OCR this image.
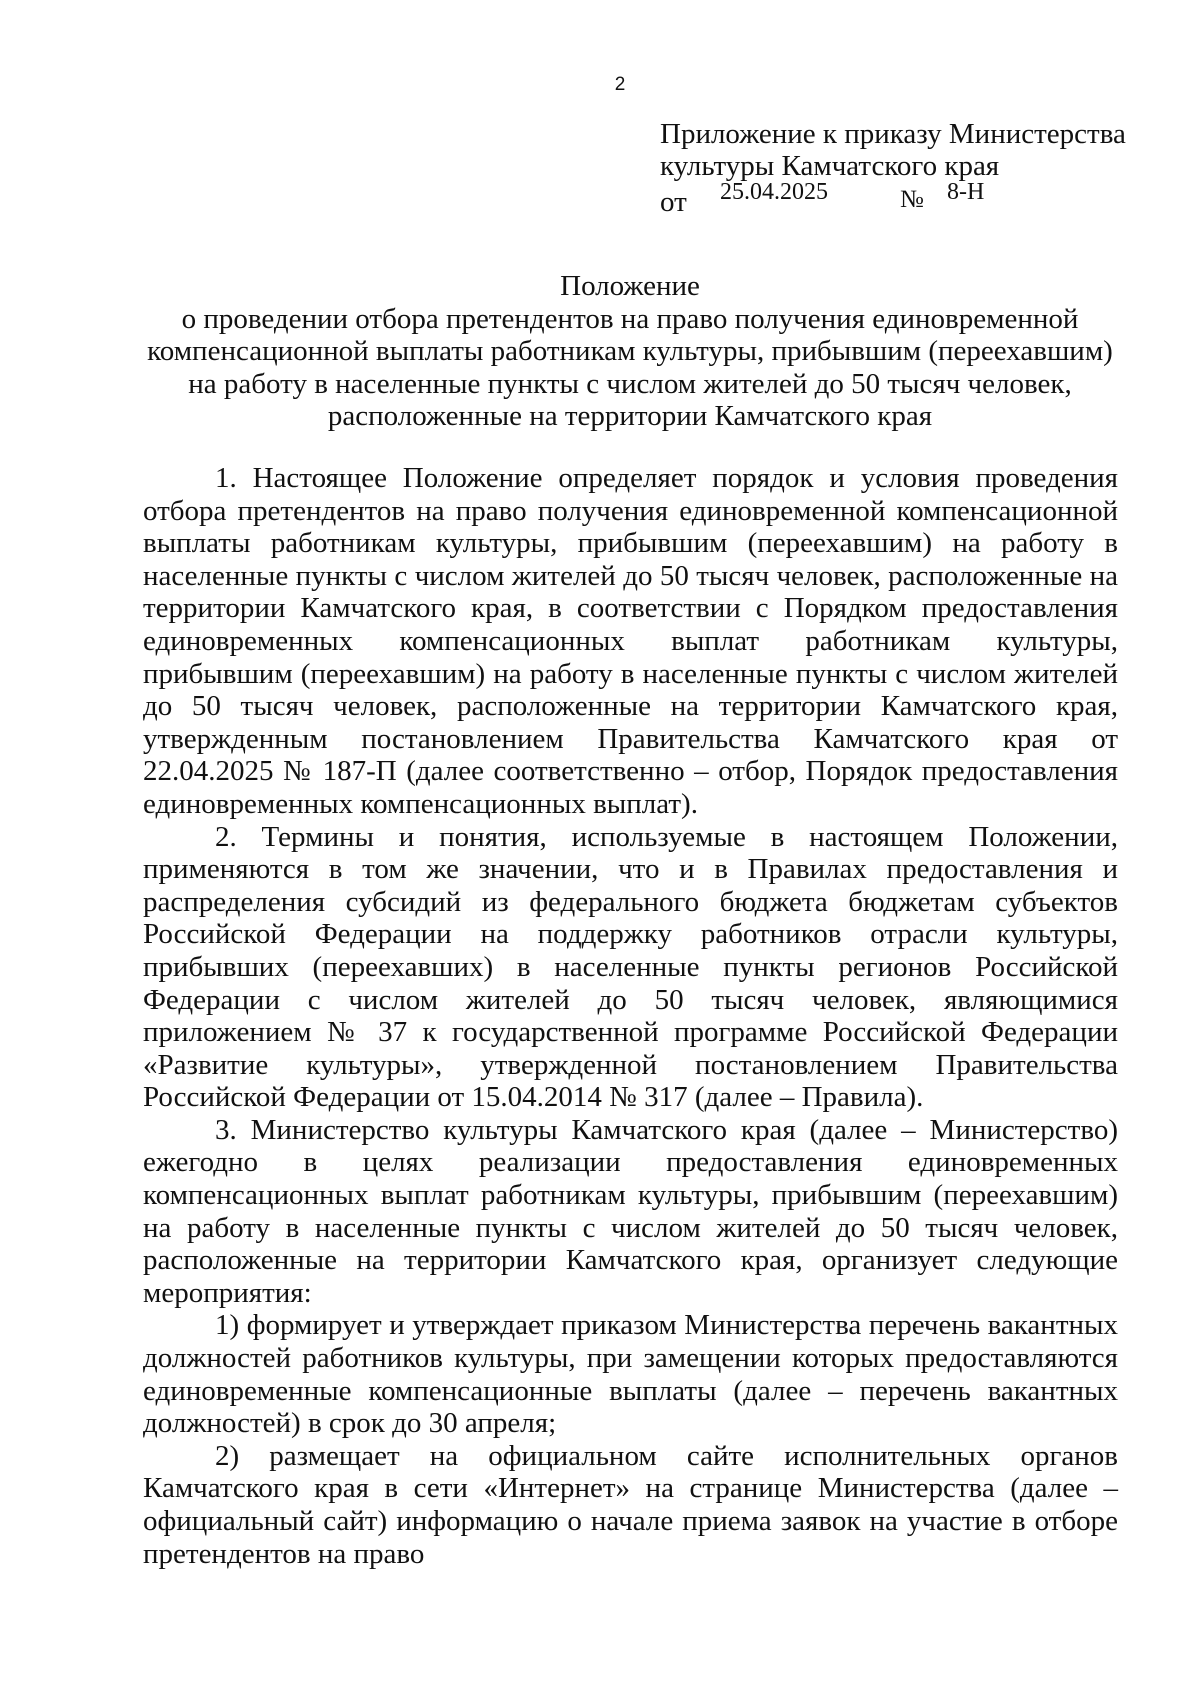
2
Приложение к приказу Министерства
культуры Камчатского края
от 25.04.2025	№ 8-Н
Положение
о проведении отбора претендентов на право получения единовременной
компенсационной выплаты работникам культуры, прибывшим (переехавшим)
на работу в населенные пункты с числом жителей до 50 тысяч человек,
расположенные на территории Камчатского края

1. Настоящее Положение определяет порядок и условия проведения отбора претендентов на право получения единовременной компенсационной выплаты работникам культуры, прибывшим (переехавшим) на работу в населенные пункты с числом жителей до 50 тысяч человек, расположенные на территории Камчатского края, в соответствии с Порядком предоставления единовременных компенсационных выплат работникам культуры, прибывшим (переехавшим) на работу в населенные пункты с числом жителей до 50 тысяч человек, расположенные на территории Камчатского края, утвержденным постановлением Правительства Камчатского края от 22.04.2025 № 187-П (далее соответственно – отбор, Порядок предоставления единовременных компенсационных выплат).

2. Термины и понятия, используемые в настоящем Положении, применяются в том же значении, что и в Правилах предоставления и распределения субсидий из федерального бюджета бюджетам субъектов Российской Федерации на поддержку работников отрасли культуры, прибывших (переехавших) в населенные пункты регионов Российской Федерации с числом жителей до 50 тысяч человек, являющимися приложением № 37 к государственной программе Российской Федерации «Развитие культуры», утвержденной постановлением Правительства Российской Федерации от 15.04.2014 № 317 (далее – Правила).

3. Министерство культуры Камчатского края (далее – Министерство) ежегодно в целях реализации предоставления единовременных компенсационных выплат работникам культуры, прибывшим (переехавшим) на работу в населенные пункты с числом жителей до 50 тысяч человек, расположенные на территории Камчатского края, организует следующие мероприятия:

1) формирует и утверждает приказом Министерства перечень вакантных должностей работников культуры, при замещении которых предоставляются единовременные компенсационные выплаты (далее – перечень вакантных должностей) в срок до 30 апреля;

2) размещает на официальном сайте исполнительных органов Камчатского края в сети «Интернет» на странице Министерства (далее – официальный сайт) информацию о начале приема заявок на участие в отборе претендентов на право
